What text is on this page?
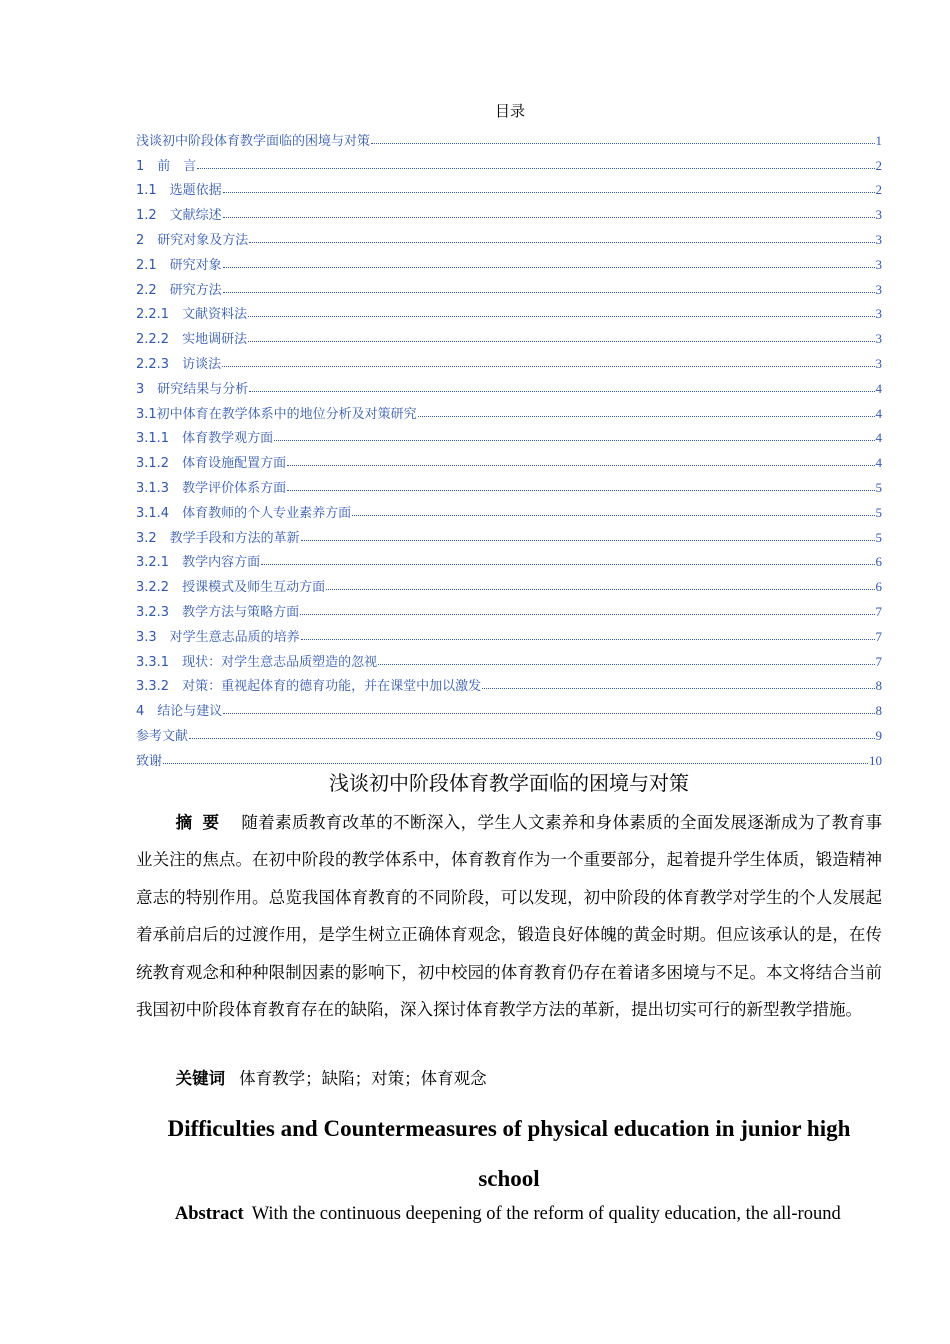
目录
浅谈初中阶段体育教学面临的困境与对策	1
1　前　言	2
1.1　选题依据	2
1.2　文献综述	3
2　研究对象及方法	3
2.1　研究对象	3
2.2　研究方法	3
2.2.1　文献资料法	3
2.2.2　实地调研法	3
2.2.3　访谈法	3
3　研究结果与分析	4
3.1初中体育在教学体系中的地位分析及对策研究	4
3.1.1　体育教学观方面	4
3.1.2　体育设施配置方面	4
3.1.3　教学评价体系方面	5
3.1.4　体育教师的个人专业素养方面	5
3.2　教学手段和方法的革新	5
3.2.1　教学内容方面	6
3.2.2　授课模式及师生互动方面	6
3.2.3　教学方法与策略方面	7
3.3　对学生意志品质的培养	7
3.3.1　现状：对学生意志品质塑造的忽视	7
3.3.2　对策：重视起体育的德育功能，并在课堂中加以激发	8
4　结论与建议	8
参考文献	9
致谢	10
浅谈初中阶段体育教学面临的困境与对策

摘要 随着素质教育改革的不断深入，学生人文素养和身体素质的全面发展逐渐成为了教育事业关注的焦点。在初中阶段的教学体系中，体育教育作为一个重要部分，起着提升学生体质，锻造精神意志的特别作用。总览我国体育教育的不同阶段，可以发现，初中阶段的体育教学对学生的个人发展起着承前启后的过渡作用，是学生树立正确体育观念，锻造良好体魄的黄金时期。但应该承认的是，在传统教育观念和种种限制因素的影响下，初中校园的体育教育仍存在着诸多困境与不足。本文将结合当前我国初中阶段体育教育存在的缺陷，深入探讨体育教学方法的革新，提出切实可行的新型教学措施。

关键词 体育教学；缺陷；对策；体育观念

Difficulties and Countermeasures of physical education in junior high school

Abstract With the continuous deepening of the reform of quality education, the all-round
